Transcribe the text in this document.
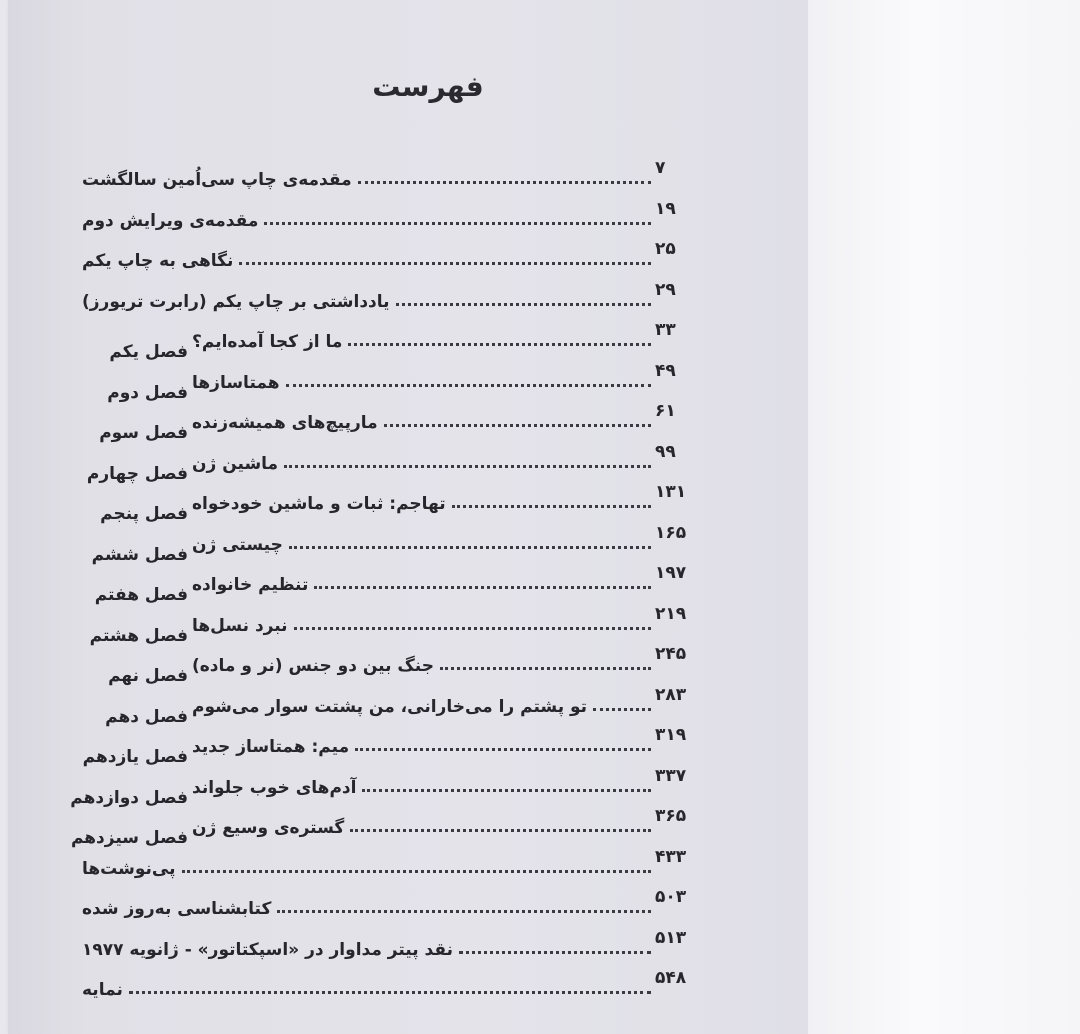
فهرست
مقدمه‌ی چاپ سی‌اُمین سالگشت
۷
مقدمه‌ی ویرایش دوم
۱۹
نگاهی به چاپ یکم
۲۵
یادداشتی بر چاپ یکم (رابرت تریورز)
۲۹
فصل یکم ما از کجا آمده‌ایم؟
۳۳
فصل دوم همتاسازها
۴۹
فصل سوم مارپیچ‌های همیشه‌زنده
۶۱
فصل چهارم ماشین ژن
۹۹
فصل پنجم تهاجم: ثبات و ماشین خودخواه
۱۳۱
فصل ششم چیستی ژن
۱۶۵
فصل هفتم تنظیم خانواده
۱۹۷
فصل هشتم نبرد نسل‌ها
۲۱۹
فصل نهم جنگ بین دو جنس (نر و ماده)
۲۴۵
فصل دهم تو پشتم را می‌خارانی، من پشتت سوار می‌شوم
۲۸۳
فصل یازدهم میم: همتاساز جدید
۳۱۹
فصل دوازدهم آدم‌های خوب جلواند
۳۳۷
فصل سیزدهم گستره‌ی وسیع ژن
۳۶۵
پی‌نوشت‌ها
۴۳۳
کتابشناسی به‌روز شده
۵۰۳
نقد پیتر مداوار در «اسپکتاتور» - ژانویه ۱۹۷۷
۵۱۳
نمایه
۵۴۸
